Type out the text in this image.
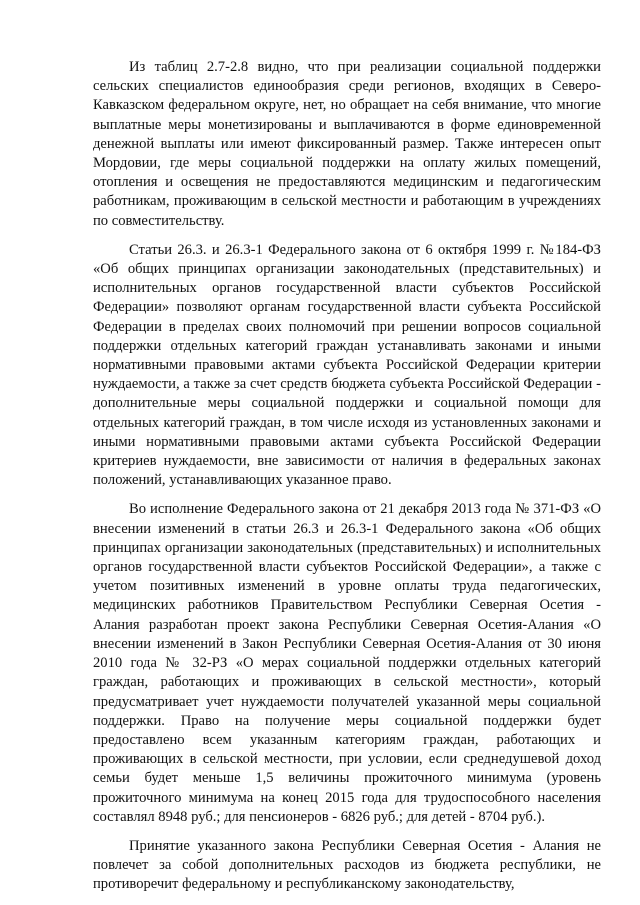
Из таблиц 2.7-2.8 видно, что при реализации социальной поддержки сельских специалистов единообразия среди регионов, входящих в Северо-Кавказском федеральном округе, нет, но обращает на себя внимание, что многие выплатные меры монетизированы и выплачиваются в форме единовременной денежной выплаты или имеют фиксированный размер. Также интересен опыт Мордовии, где меры социальной поддержки на оплату жилых помещений, отопления и освещения не предоставляются медицинским и педагогическим работникам, проживающим в сельской местности и работающим в учреждениях по совместительству.

Статьи 26.3. и 26.3-1 Федерального закона от 6 октября 1999 г. №184-ФЗ «Об общих принципах организации законодательных (представительных) и исполнительных органов государственной власти субъектов Российской Федерации» позволяют органам государственной власти субъекта Российской Федерации в пределах своих полномочий при решении вопросов социальной поддержки отдельных категорий граждан устанавливать законами и иными нормативными правовыми актами субъекта Российской Федерации критерии нуждаемости, а также за счет средств бюджета субъекта Российской Федерации - дополнительные меры социальной поддержки и социальной помощи для отдельных категорий граждан, в том числе исходя из установленных законами и иными нормативными правовыми актами субъекта Российской Федерации критериев нуждаемости, вне зависимости от наличия в федеральных законах положений, устанавливающих указанное право.

Во исполнение Федерального закона от 21 декабря 2013 года № 371-ФЗ «О внесении изменений в статьи 26.3 и 26.3-1 Федерального закона «Об общих принципах организации законодательных (представительных) и исполнительных органов государственной власти субъектов Российской Федерации», а также с учетом позитивных изменений в уровне оплаты труда педагогических, медицинских работников Правительством Республики Северная Осетия - Алания разработан проект закона Республики Северная Осетия-Алания «О внесении изменений в Закон Республики Северная Осетия-Алания от 30 июня 2010 года № 32-РЗ «О мерах социальной поддержки отдельных категорий граждан, работающих и проживающих в сельской местности», который предусматривает учет нуждаемости получателей указанной меры социальной поддержки. Право на получение меры социальной поддержки будет предоставлено всем указанным категориям граждан, работающих и проживающих в сельской местности, при условии, если среднедушевой доход семьи будет меньше 1,5 величины прожиточного минимума (уровень прожиточного минимума на конец 2015 года для трудоспособного населения составлял 8948 руб.; для пенсионеров - 6826 руб.; для детей - 8704 руб.).

Принятие указанного закона Республики Северная Осетия - Алания не повлечет за собой дополнительных расходов из бюджета республики, не противоречит федеральному и республиканскому законодательству,
